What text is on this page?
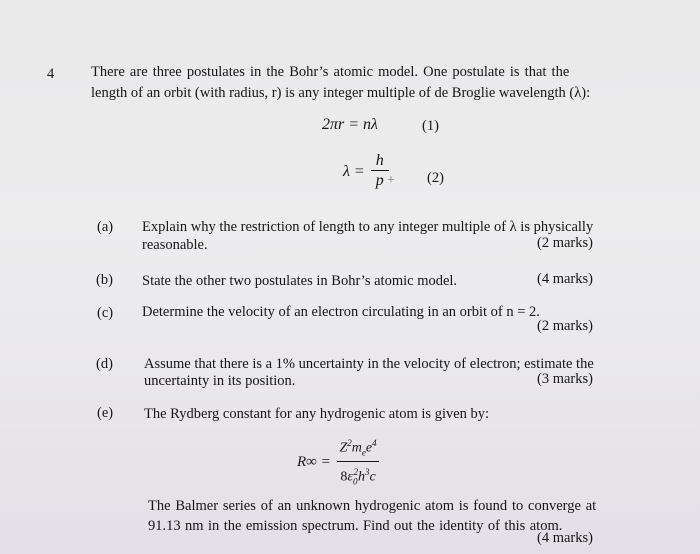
4	There are three postulates in the Bohr’s atomic model. One postulate is that the
length of an orbit (with radius, r) is any integer multiple of de Broglie wavelength (λ):
2πr = nλ	(1)
$\lambda = \frac{h}{p}$
+ (2)
(a) Explain why the restriction of length to any integer multiple of λ is physically
reasonable.	(2 marks)
(b) State the other two postulates in Bohr’s atomic model.	(4 marks)
(c) Determine the velocity of an electron circulating in an orbit of n = 2.
(2 marks)
(d) Assume that there is a 1% uncertainty in the velocity of electron; estimate the
uncertainty in its position.	(3 marks)
(e) The Rydberg constant for any hydrogenic atom is given by:
$R\infty = \frac{Z^2m_ee^4}{8\varepsilon_0^2h^3c}$
The Balmer series of an unknown hydrogenic atom is found to converge at
91.13 nm in the emission spectrum. Find out the identity of this atom.
(4 marks)
